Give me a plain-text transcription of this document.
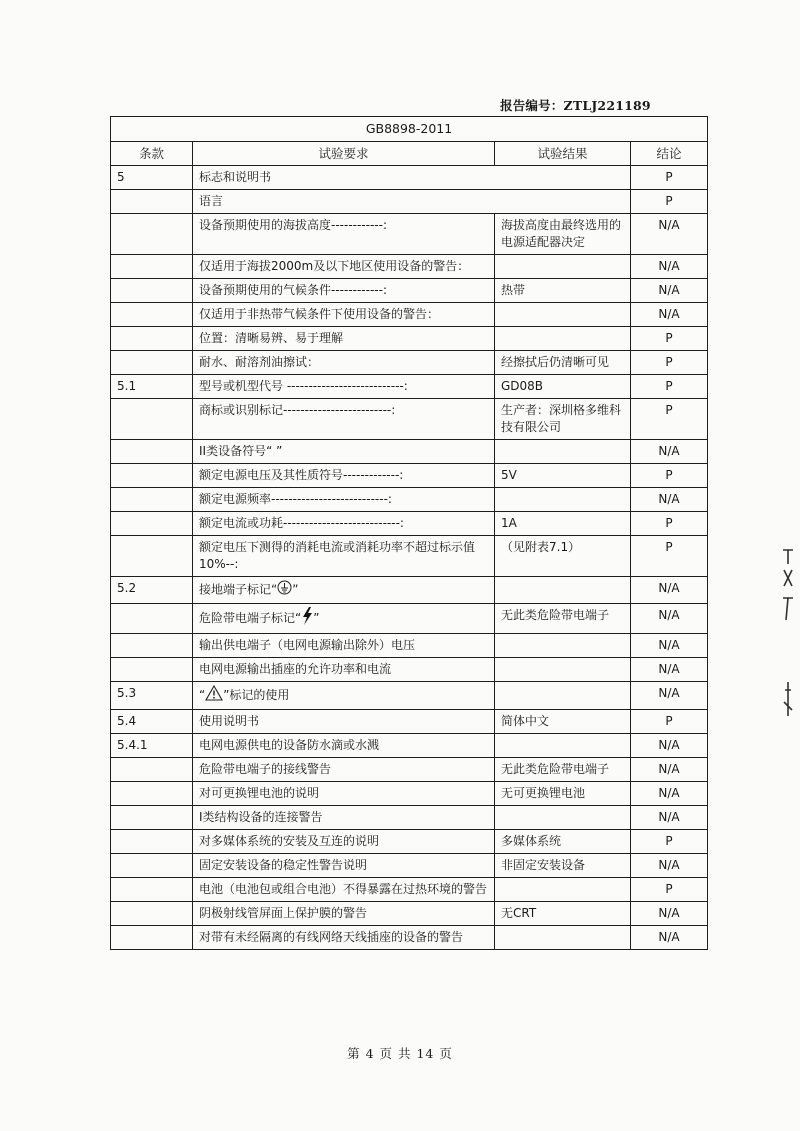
报告编号：ZTLJ221189
GB8898-2011			
条款	试验要求	试验结果	结论
5	标志和说明书		P
	语言		P
	设备预期使用的海拔高度------------:	海拔高度由最终选用的电源适配器决定	N/A
	仅适用于海拔2000m及以下地区使用设备的警告：		N/A
	设备预期使用的气候条件------------:	热带	N/A
	仅适用于非热带气候条件下使用设备的警告：		N/A
	位置：清晰易辨、易于理解		P
	耐水、耐溶剂油擦试：	经擦拭后仍清晰可见	P
5.1	型号或机型代号 ---------------------------:	GD08B	P
	商标或识别标记-------------------------:	生产者：深圳格多维科技有限公司	P
	II类设备符号“ ”		N/A
	额定电源电压及其性质符号-------------:	5V	P
	额定电源频率---------------------------:		N/A
	额定电流或功耗---------------------------:	1A	P
	额定电压下测得的消耗电流或消耗功率不超过标示值10%--:	（见附表7.1）	P
5.2	接地端子标记“ ”		N/A
	危险带电端子标记“ ”	无此类危险带电端子	N/A
	输出供电端子（电网电源输出除外）电压		N/A
	电网电源输出插座的允许功率和电流		N/A
5.3	“ ”标记的使用		N/A
5.4	使用说明书	简体中文	P
5.4.1	电网电源供电的设备防水滴或水溅		N/A
	危险带电端子的接线警告	无此类危险带电端子	N/A
	对可更换锂电池的说明	无可更换锂电池	N/A
	Ⅰ类结构设备的连接警告		N/A
	对多媒体系统的安装及互连的说明	多媒体系统	P
	固定安装设备的稳定性警告说明	非固定安装设备	N/A
	电池（电池包或组合电池）不得暴露在过热环境的警告		P
	阴极射线管屏面上保护膜的警告	无CRT	N/A
	对带有未经隔离的有线网络天线插座的设备的警告		N/A
第 4 页 共 14 页
